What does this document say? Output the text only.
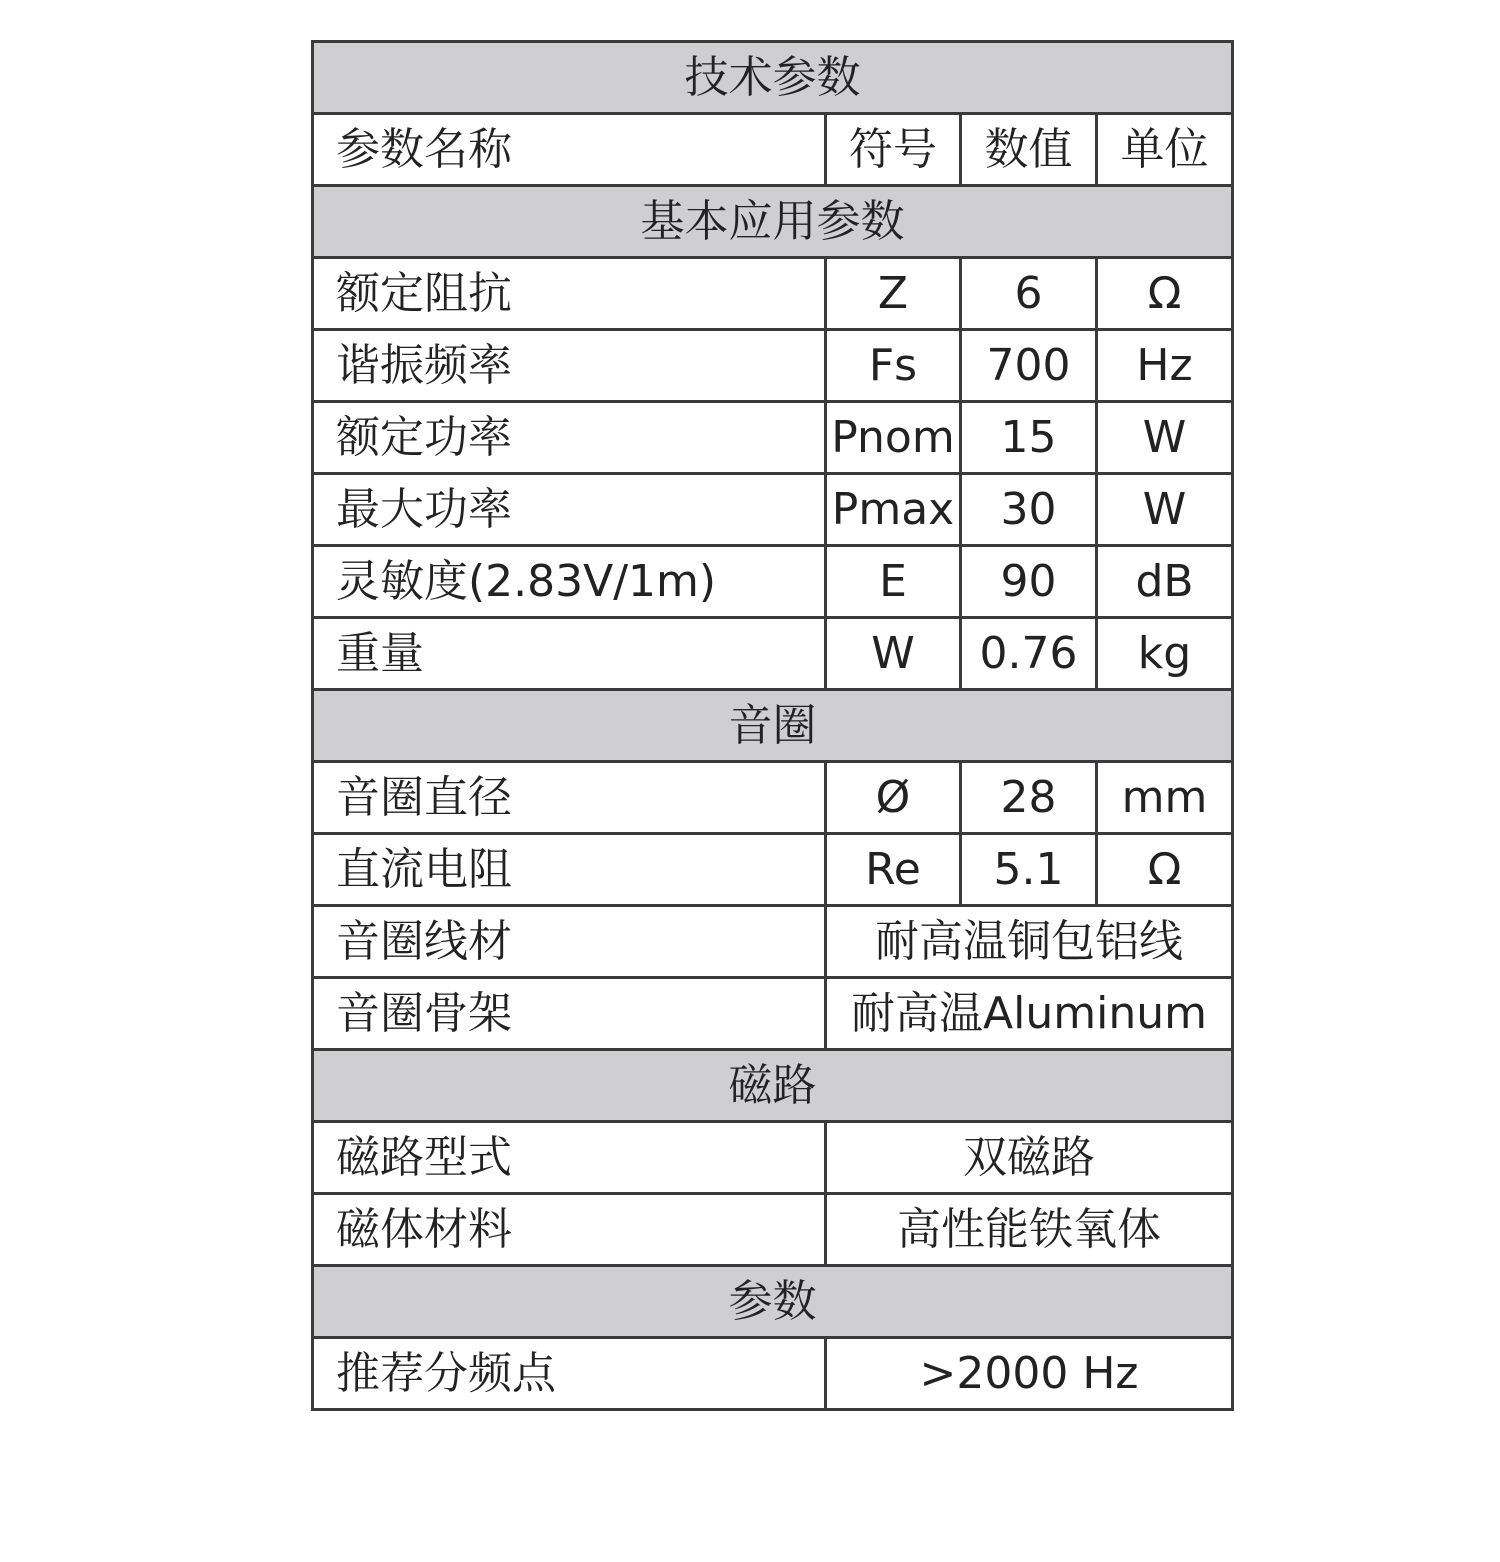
技术参数			
参数名称	符号	数值	单位
基本应用参数			
额定阻抗	Z	6	Ω
谐振频率	Fs	700	Hz
额定功率	Pnom	15	W
最大功率	Pmax	30	W
灵敏度(2.83V/1m)	E	90	dB
重量	W	0.76	kg
音圈			
音圈直径	Ø	28	mm
直流电阻	Re	5.1	Ω
音圈线材	耐高温铜包铝线		
音圈骨架	耐高温Aluminum		
磁路			
磁路型式	双磁路		
磁体材料	高性能铁氧体		
参数			
推荐分频点	>2000 Hz		
